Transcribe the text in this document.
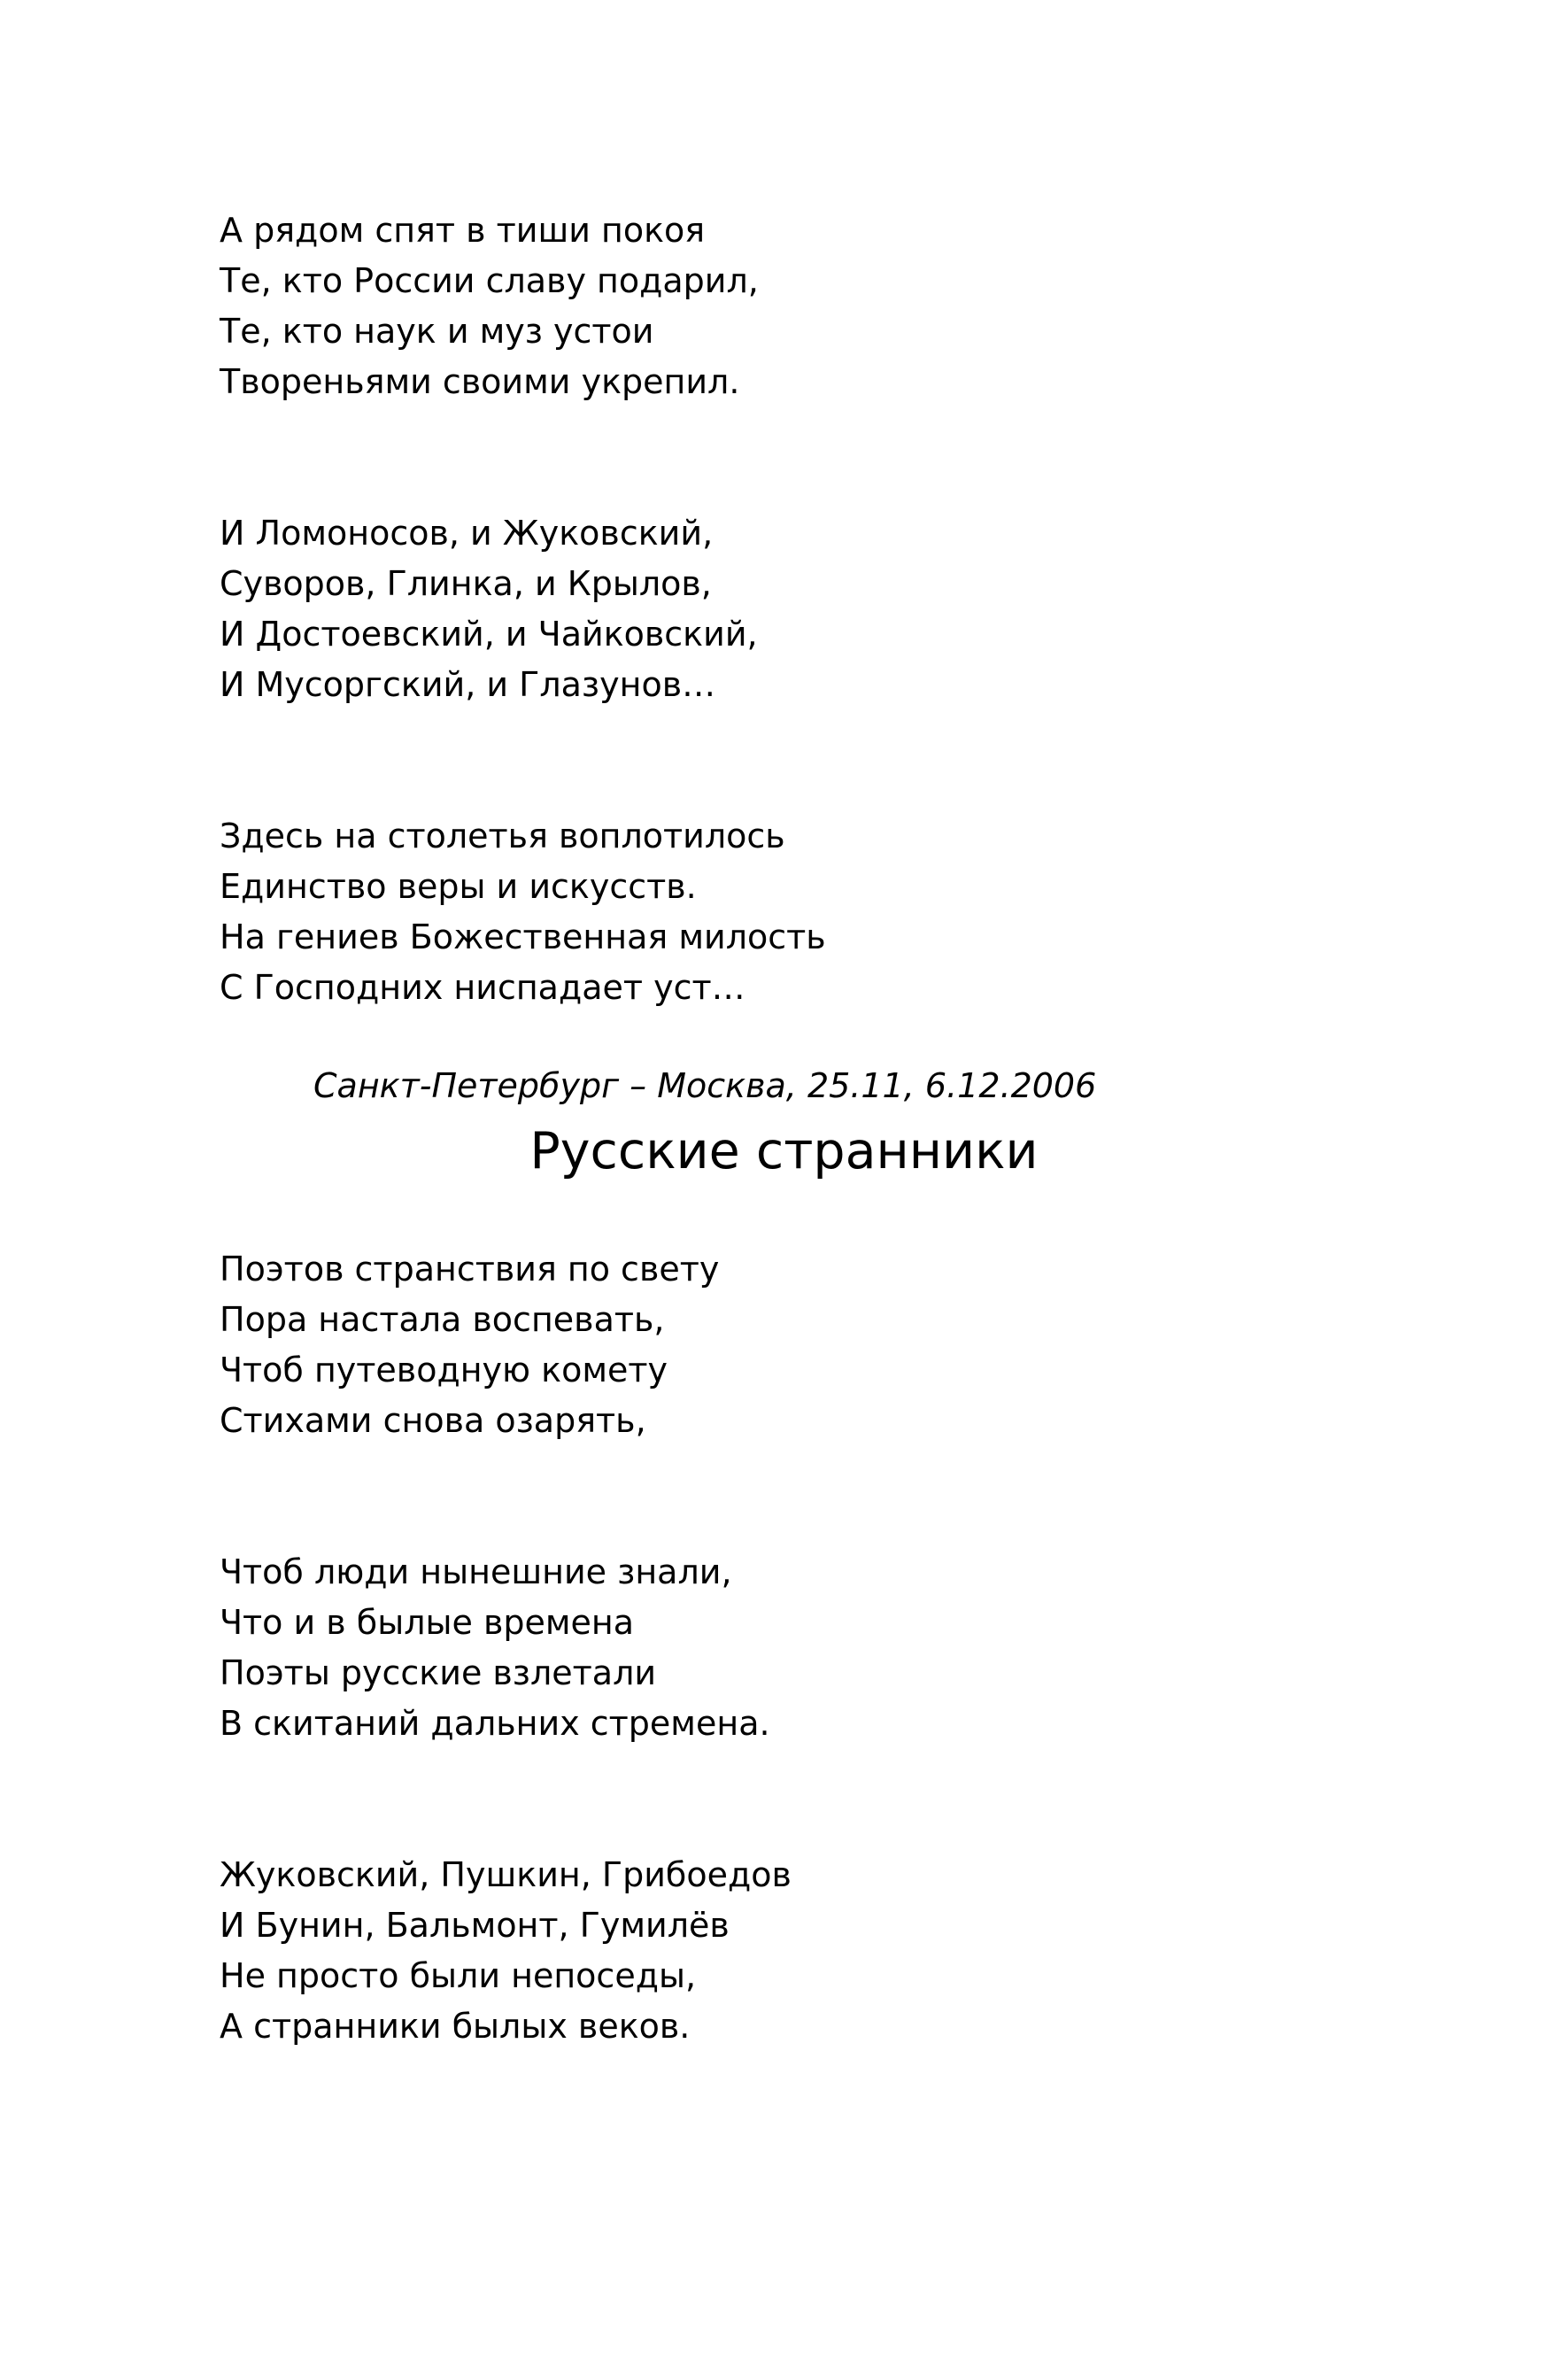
А рядом спят в тиши покоя
Те, кто России славу подарил,
Те, кто наук и муз устои
Твореньями своими укрепил.
И Ломоносов, и Жуковский,
Суворов, Глинка, и Крылов,
И Достоевский, и Чайковский,
И Мусоргский, и Глазунов…
Здесь на столетья воплотилось
Единство веры и искусств.
На гениев Божественная милость
С Господних ниспадает уст…
Санкт-Петербург – Москва, 25.11, 6.12.2006
Русские странники
Поэтов странствия по свету
Пора настала воспевать,
Чтоб путеводную комету
Стихами снова озарять,
Чтоб люди нынешние знали,
Что и в былые времена
Поэты русские взлетали
В скитаний дальних стремена.
Жуковский, Пушкин, Грибоедов
И Бунин, Бальмонт, Гумилёв
Не просто были непоседы,
А странники былых веков.
